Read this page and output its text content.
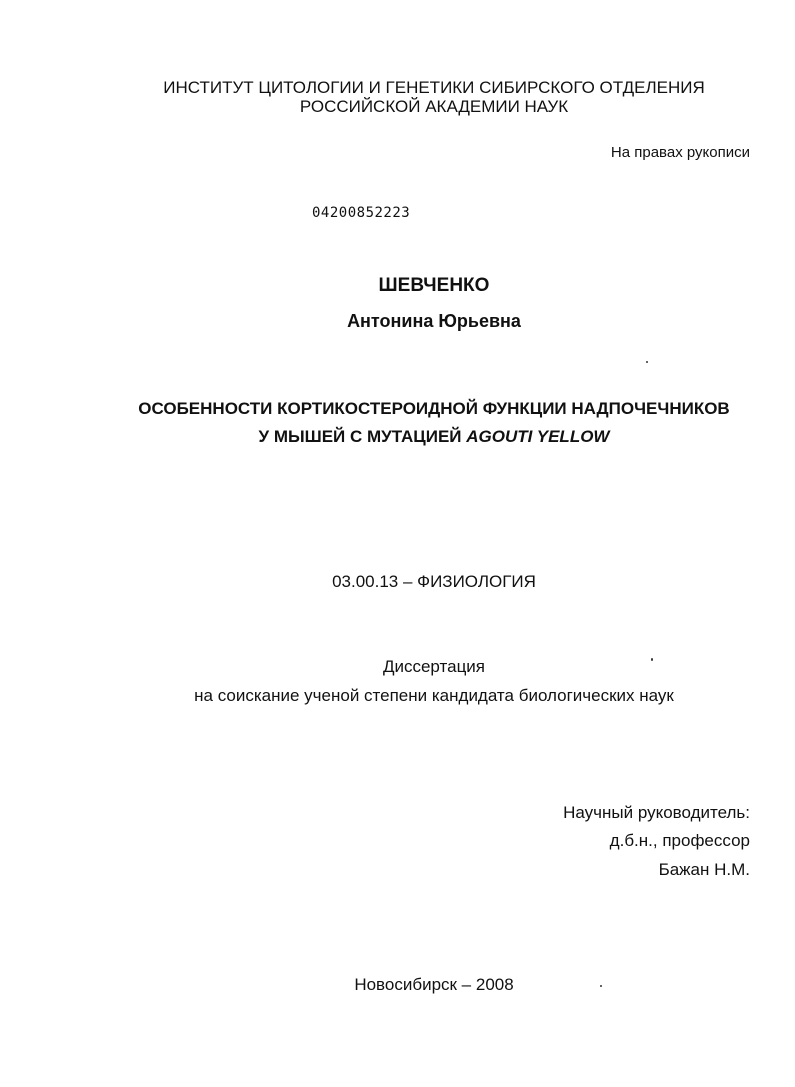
ИНСТИТУТ ЦИТОЛОГИИ И ГЕНЕТИКИ СИБИРСКОГО ОТДЕЛЕНИЯ
РОССИЙСКОЙ АКАДЕМИИ НАУК
На правах рукописи
04200852223
ШЕВЧЕНКО
Антонина Юрьевна
ОСОБЕННОСТИ КОРТИКОСТЕРОИДНОЙ ФУНКЦИИ НАДПОЧЕЧНИКОВ
У МЫШЕЙ С МУТАЦИЕЙ AGOUTI YELLOW
03.00.13 – ФИЗИОЛОГИЯ
Диссертация
на соискание ученой степени кандидата биологических наук
Научный руководитель:
д.б.н., профессор
Бажан Н.М.
Новосибирск – 2008
